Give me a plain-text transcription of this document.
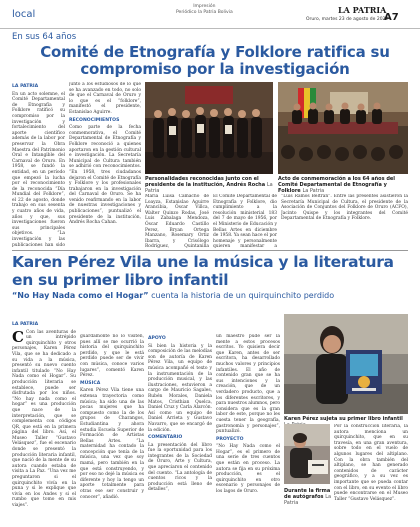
local
Impresión
Periódico la Patria Bolivia	LA PATRIA
Oruro, martes 23 de agosto de 2022
A7
En sus 64 años
Comité de Etnografía y Folklore ratifica su compromiso por la investigación
LA PATRIA
En un acto solemne, el Comité Departamental de Etnografía y Folklore ratificó su compromiso por la investigación y fortalecimiento del aporte científico además de la labor por preservar la Obra Maestra del Patrimonio Oral e Intangible del Carnaval de Oruro. En 1958, se fundó la entidad, en un período que empezó la lucha por el reconocimiento de la reconocida “Día Mundial del Folklore”, el 22 de agosto, donde trabajo en sus sesenta y cuatro años de vida, años y que, sus investigaciones fueron sus principales objetivos. “La investigación y las publicaciones han sido
junto a los estudiosos de lo que se ha avanzado en todo, no solo de que el Carnaval de Oruro y lo que es el “folklore”, manifestó el presidente, Estanislao Aguirre.
RECONOCIMIENTOS
Como parte de la fecha conmemorativa, el Comité Departamental de Etnografía y Folklore reconoció a quienes aportaron en la gestión cultural e investigación. La Secretaría Municipal de Cultura también se adhirió con reconocimientos. “En 1958, tres ciudadanos dejaron el Comité de Etnografía y Folklore y los profesionales trabajaron en la investigación del Carnaval de Oruro. Se ha venido reafirmando en la labor de nuestras investigaciones y publicaciones”, puntualizó el presidente de la institución, Andrés Rocha Cahan.
Personalidades reconocidas junto con el presidente de la institución, Andrés Rocha La Patria
Acto de conmemoración a los 64 años del Comité Departamental de Etnografía y Folklore La Patria
María Luisa Camacho de Loayza, Estanislao Aguirre Arancibia, Óscar Villca, Walter Quinzo Rodas, José Luis Zabalaga Mendoza, Óscar Eduardo Castillo Perez, Bryan Ortega Manzano, Rosemary Ortiz Ibarra, y Crisólogo Rodríguez, Quintanilla
El Comité Departamental de Etnografía y Folklore, dio cumplimiento a la resolución ministerial 183 del 7 de mayo de 1956, por el Ministerio de Educación y Bellas Artes en diciembre de 1958. Ya sean hace el por homenaje y personalmente quieren manifestar a
“Luis Ramos Beltrán”. Entre las presentes asistieron la Secretaría Municipal de Cultura, el presidente de la Asociación de Conjuntos del Folklore de Oruro (ACFO), Jacinto Quispe y los integrantes del Comité Departamental de Etnografía y Folklore.
Karen Pérez Vila une la música y la literatura en su primer libro infantil
“No Hay Nada como el Hogar” cuenta la historia de un quirquinchito perdido
LA PATRIA
C Con las aventuras de un intrépido quirquinchito y otros personajes, Karen Pérez Vila, que se ha dedicado a su vida a la música, presentó su nuevo cuento infantil titulado “No Hay Nada como el Hogar”. Su producción literaria se establece, puede ser disfrutada por los niños. “No hay nada como el hogar” es una producción que nace de la interpretación, que se complementa con códigos QR, que está en la primera página del libro. Así, el Museo Taller “Gustavo Velásquez”, fue el escenario donde se presentó la producción literaria infantil, que nació de la mente de su autora cuando estaba de visita a La Paz. “Una vez me preguntaron si el quirquinchito vivía en la puna y si le explique que vivía en los Andes y si el rumbo que tomo en mis viajes”.
guardamonte no lo visiten, pues allí se me ocurrió la historia del quirquinchito perdido, y que le está perdido puede ser de vivir con música, conoce varios lugares”, comentó Karen Pérez.
MÚSICA
Karen Pérez Vila tiene una extensa trayectoria como música; ha sido una de las pocas mujeres que ha compuesto como la de los grupos de Charangos, Estudiantina y ahora estudia Escuela Superior de Formación de Artistas Bellas Artes. “La maternidad ha contado la concepción que tenía de la música, una vez que soy mamá, pero también en la que está construyendo, y por eso no dejé la música es diferente y hoy la tengo un aporte totalmente para otras ese ser construir y conocer”, añadió.
APOYO
Si bien la historia y la composición de las melodías son de autoría de Karen Pérez Vila, un equipo de música acompañó el texto y la instrumentación de la producción musical, y las ilustraciones, estuvieron a cargo de Mauricio Sagales, Rubén Morales, Daniela Matos, Cristhian Quelca, Daniel Cruz y Carla Alarcón. Así como un equipo de Daniel Arrieta y Gustavo Navarro, que se encargó de la edición.
COMENTARIO
La presentación del libro fue la oportunidad para los integrantes de la Sociedad de Oruro, Arte y Cultura, que apreciaron el contenido del cuento. “La antología de cuentos ricos y la producción está lleno de detalles”,
un maestro pude ser la mente a estos procesos escritos. Yo quisiera decir que Karen, antes de ser escritora, ha desarrollado muchos valores y principios infantiles. El año de contenido gran que se ha sus intenciones y la creación, que de un verdadero producto, que a los diferentes escritores, y para nuestros alumnos, pero considera que es la gran labor de este, porque no les cuesta tener la geografía, gastronomía y personajes”, puntualizó.
PROYECTO
“No Hay Nada como el Hogar”, es el primero de una serie de tres cuentos que están en proceso. La autora se fija en su próxima producción, es el quirquinchito en otro escenario y personajes de los lagos de Oruro.
Karen Pérez sujeta su primer libro infantil
Durante la firma de autógrafos La Patria
Por la construcción literaria, la autora menciona un quirquinchito, que en su travesía, en una gran aventura, sobre todo en el vuelo de algunos lugares del altiplano. Con la obra también del altiplano, se han generado contenidos de carácter geográfico, y a su vez es importante que se pueda contar con el libro, en su evento el libro puede encontrarse en el Museo Taller “Gustavo Velásquez”.
